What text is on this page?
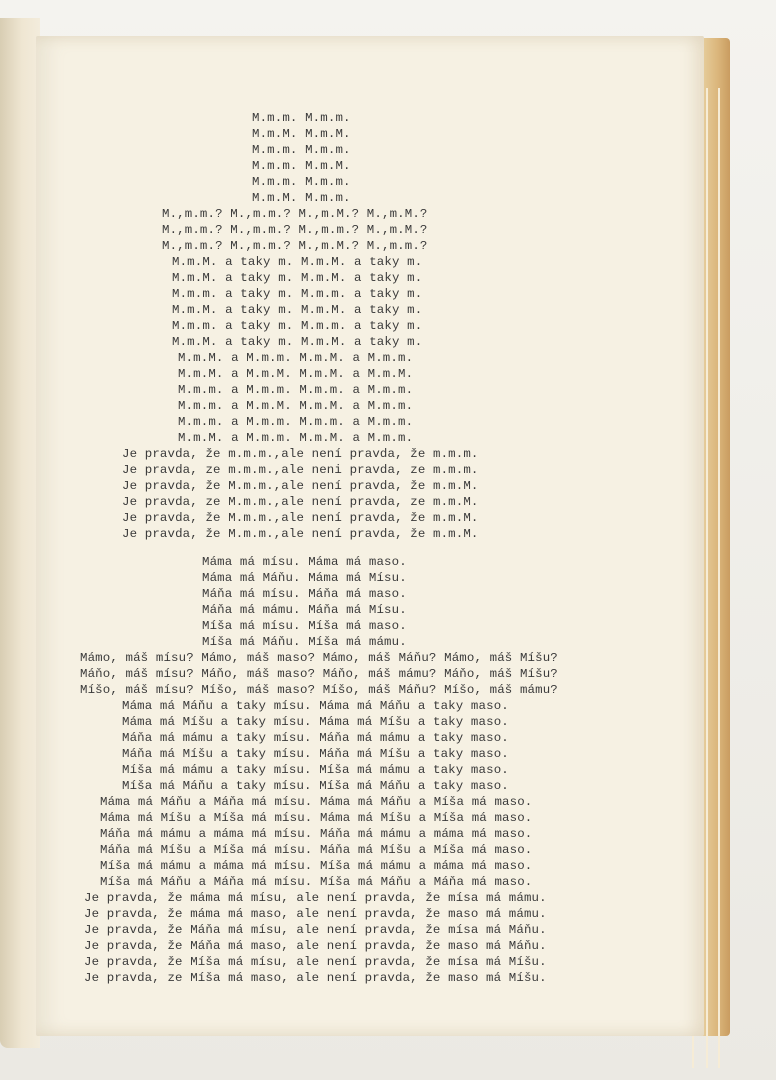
M.m.m. M.m.m.
M.m.M. M.m.M.
M.m.m. M.m.m.
M.m.m. M.m.M.
M.m.m. M.m.m.
M.m.M. M.m.m.
M.,m.m.? M.,m.m.? M.,m.M.? M.,m.M.?
M.,m.m.? M.,m.m.? M.,m.m.? M.,m.M.?
M.,m.m.? M.,m.m.? M.,m.M.? M.,m.m.?
M.m.M. a taky m. M.m.M. a taky m.
M.m.M. a taky m. M.m.M. a taky m.
M.m.m. a taky m. M.m.m. a taky m.
M.m.M. a taky m. M.m.M. a taky m.
M.m.m. a taky m. M.m.m. a taky m.
M.m.M. a taky m. M.m.M. a taky m.
M.m.M. a M.m.m. M.m.M. a M.m.m.
M.m.M. a M.m.M. M.m.M. a M.m.M.
M.m.m. a M.m.m. M.m.m. a M.m.m.
M.m.m. a M.m.M. M.m.M. a M.m.m.
M.m.m. a M.m.m. M.m.m. a M.m.m.
M.m.M. a M.m.m. M.m.M. a M.m.m.
Je pravda, že m.m.m.,ale není pravda, že m.m.m.
Je pravda, ze m.m.m.,ale neni pravda, ze m.m.m.
Je pravda, že M.m.m.,ale není pravda, že m.m.M.
Je pravda, ze M.m.m.,ale není pravda, ze m.m.M.
Je pravda, že M.m.m.,ale není pravda, že m.m.M.
Je pravda, že M.m.m.,ale není pravda, že m.m.M.
Máma má mísu. Máma má maso.
Máma má Máňu. Máma má Mísu.
Máňa má mísu. Máňa má maso.
Máňa má mámu. Máňa má Mísu.
Míša má mísu. Míša má maso.
Míša má Máňu. Míša má mámu.
Mámo, máš mísu? Mámo, máš maso? Mámo, máš Máňu? Mámo, máš Míšu?
Máňo, máš mísu? Máňo, máš maso? Máňo, máš mámu? Máňo, máš Míšu?
Míšo, máš mísu? Míšo, máš maso? Míšo, máš Máňu? Míšo, máš mámu?
Máma má Máňu a taky mísu. Máma má Máňu a taky maso.
Máma má Míšu a taky mísu. Máma má Míšu a taky maso.
Máňa má mámu a taky mísu. Máňa má mámu a taky maso.
Máňa má Míšu a taky mísu. Máňa má Míšu a taky maso.
Míša má mámu a taky mísu. Míša má mámu a taky maso.
Míša má Máňu a taky mísu. Míša má Máňu a taky maso.
Máma má Máňu a Máňa má mísu. Máma má Máňu a Míša má maso.
Máma má Míšu a Míša má mísu. Máma má Míšu a Míša má maso.
Máňa má mámu a máma má mísu. Máňa má mámu a máma má maso.
Máňa má Míšu a Míša má mísu. Máňa má Míšu a Míša má maso.
Míša má mámu a máma má mísu. Míša má mámu a máma má maso.
Míša má Máňu a Máňa má mísu. Míša má Máňu a Máňa má maso.
Je pravda, že máma má mísu, ale není pravda, že mísa má mámu.
Je pravda, že máma má maso, ale není pravda, že maso má mámu.
Je pravda, že Máňa má mísu, ale není pravda, že mísa má Máňu.
Je pravda, že Máňa má maso, ale není pravda, že maso má Máňu.
Je pravda, že Míša má mísu, ale není pravda, že mísa má Míšu.
Je pravda, ze Míša má maso, ale není pravda, že maso má Míšu.
